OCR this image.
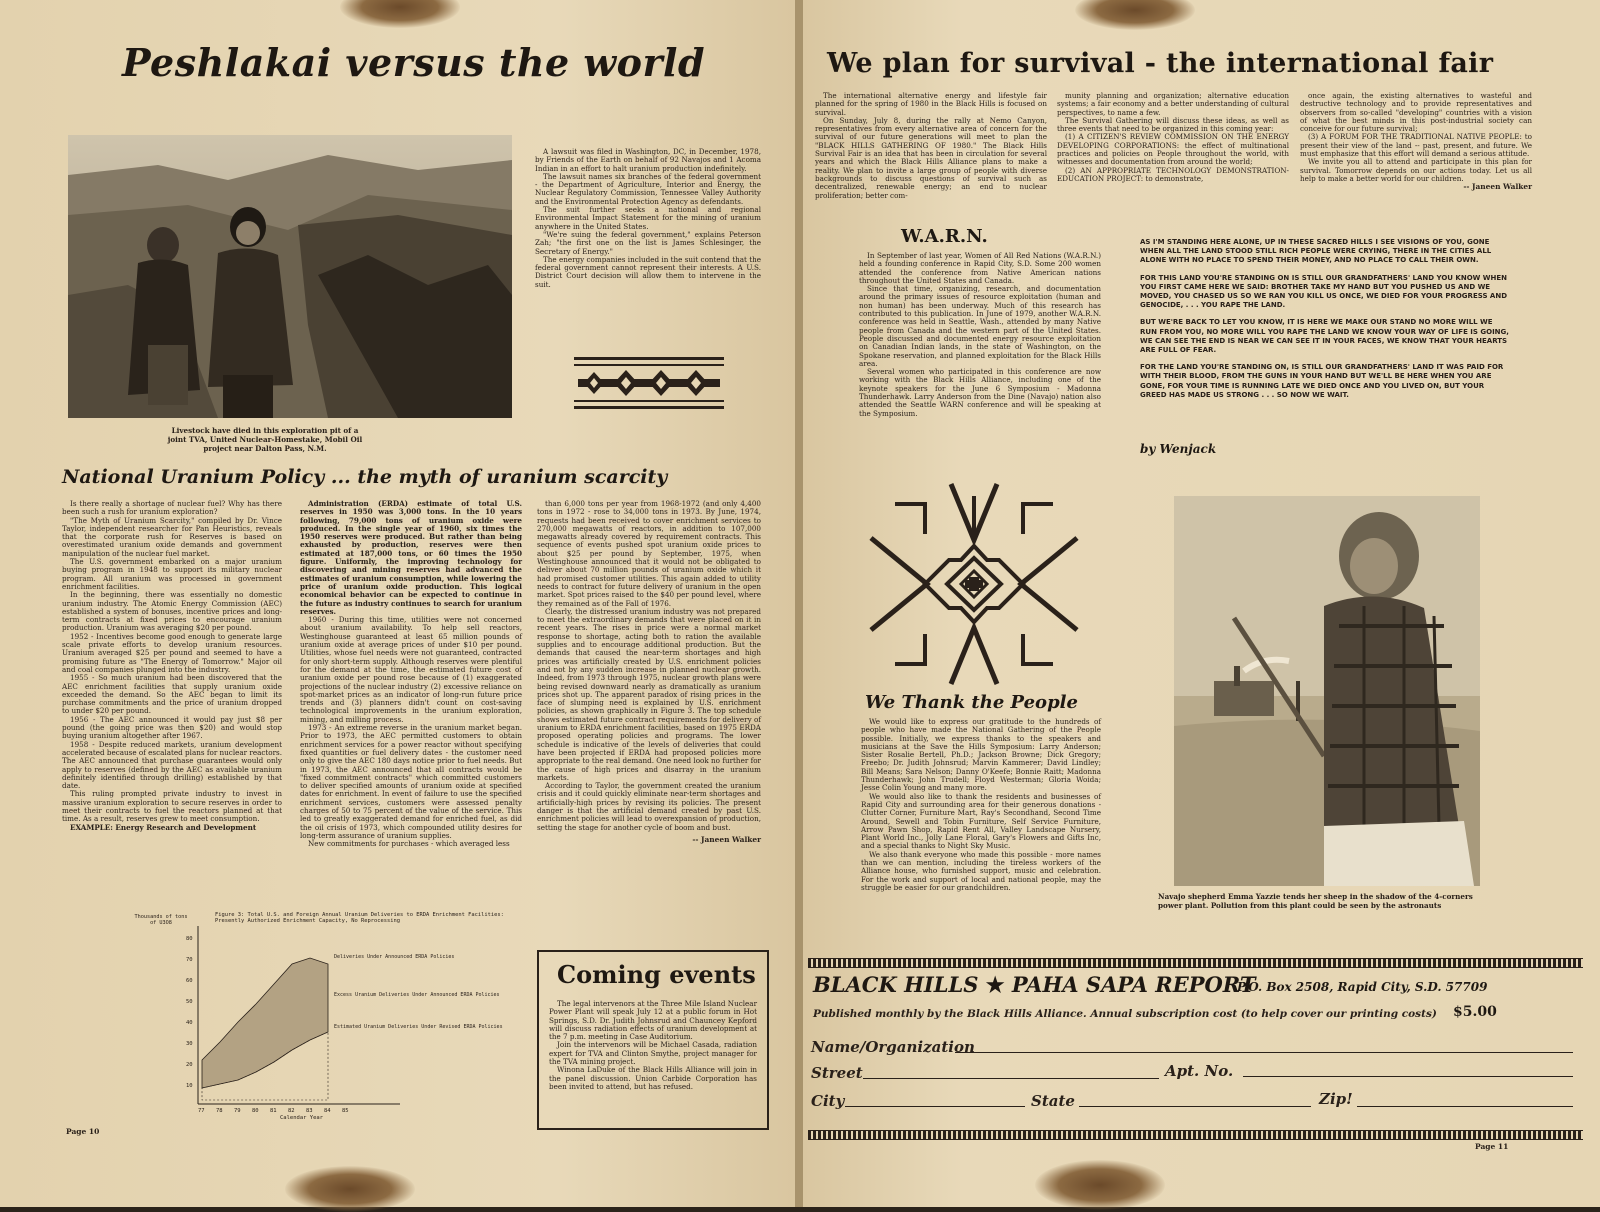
Peshlakai versus the world
Livestock have died in this exploration pit of a joint TVA, United Nuclear-Homestake, Mobil Oil project near Dalton Pass, N.M.

A lawsuit was filed in Washington, DC, in December, 1978, by Friends of the Earth on behalf of 92 Navajos and 1 Acoma Indian in an effort to halt uranium production indefinitely.

The lawsuit names six branches of the federal government - the Department of Agriculture, Interior and Energy, the Nuclear Regulatory Commission, Tennessee Valley Authority and the Environmental Protection Agency as defendants.

The suit further seeks a national and regional Environmental Impact Statement for the mining of uranium anywhere in the United States.

"We're suing the federal government," explains Peterson Zah; "the first one on the list is James Schlesinger, the Secretary of Energy."

The energy companies included in the suit contend that the federal government cannot represent their interests. A U.S. District Court decision will allow them to intervene in the suit.

National Uranium Policy ... the myth of uranium scarcity

Is there really a shortage of nuclear fuel? Why has there been such a rush for uranium exploration?

"The Myth of Uranium Scarcity," compiled by Dr. Vince Taylor, independent researcher for Pan Heuristics, reveals that the corporate rush for Reserves is based on overestimated uranium oxide demands and government manipulation of the nuclear fuel market.

The U.S. government embarked on a major uranium buying program in 1948 to support its military nuclear program. All uranium was processed in government enrichment facilities.

In the beginning, there was essentially no domestic uranium industry. The Atomic Energy Commission (AEC) established a system of bonuses, incentive prices and long-term contracts at fixed prices to encourage uranium production. Uranium was averaging $20 per pound.

1952 - Incentives become good enough to generate large scale private efforts to develop uranium resources. Uranium averaged $25 per pound and seemed to have a promising future as "The Energy of Tomorrow." Major oil and coal companies plunged into the industry.

1955 - So much uranium had been discovered that the AEC enrichment facilities that supply uranium oxide exceeded the demand. So the AEC began to limit its purchase commitments and the price of uranium dropped to under $20 per pound.

1956 - The AEC announced it would pay just $8 per pound (the going price was then $20) and would stop buying uranium altogether after 1967.

1958 - Despite reduced markets, uranium development accelerated because of escalated plans for nuclear reactors. The AEC announced that purchase guarantees would only apply to reserves (defined by the AEC as available uranium definitely identified through drilling) established by that date.

This ruling prompted private industry to invest in massive uranium exploration to secure reserves in order to meet their contracts to fuel the reactors planned at that time. As a result, reserves grew to meet consumption.

EXAMPLE: Energy Research and Development

Administration (ERDA) estimate of total U.S. reserves in 1950 was 3,000 tons. In the 10 years following, 79,000 tons of uranium oxide were produced. In the single year of 1960, six times the 1950 reserves were produced. But rather than being exhausted by production, reserves were then estimated at 187,000 tons, or 60 times the 1950 figure. Uniformly, the improving technology for discovering and mining reserves had advanced the estimates of uranium consumption, while lowering the price of uranium oxide production. This logical economical behavior can be expected to continue in the future as industry continues to search for uranium reserves.

1960 - During this time, utilities were not concerned about uranium availability. To help sell reactors, Westinghouse guaranteed at least 65 million pounds of uranium oxide at average prices of under $10 per pound. Utilities, whose fuel needs were not guaranteed, contracted for only short-term supply. Although reserves were plentiful for the demand at the time, the estimated future cost of uranium oxide per pound rose because of (1) exaggerated projections of the nuclear industry (2) excessive reliance on spot-market prices as an indicator of long-run future price trends and (3) planners didn't count on cost-saving technological improvements in the uranium exploration, mining, and milling process.

1973 - An extreme reverse in the uranium market began. Prior to 1973, the AEC permitted customers to obtain enrichment services for a power reactor without specifying fixed quantities or fuel delivery dates - the customer need only to give the AEC 180 days notice prior to fuel needs. But in 1973, the AEC announced that all contracts would be "fixed commitment contracts" which committed customers to deliver specified amounts of uranium oxide at specified dates for enrichment. In event of failure to use the specified enrichment services, customers were assessed penalty charges of 50 to 75 percent of the value of the service. This led to greatly exaggerated demand for enriched fuel, as did the oil crisis of 1973, which compounded utility desires for long-term assurance of uranium supplies.

New commitments for purchases - which averaged less

than 6,000 tons per year from 1968-1972 (and only 4,400 tons in 1972 - rose to 34,000 tons in 1973. By June, 1974, requests had been received to cover enrichment services to 270,000 megawatts of reactors, in addition to 107,000 megawatts already covered by requirement contracts. This sequence of events pushed spot uranium oxide prices to about $25 per pound by September, 1975, when Westinghouse announced that it would not be obligated to deliver about 70 million pounds of uranium oxide which it had promised customer utilities. This again added to utility needs to contract for future delivery of uranium in the open market. Spot prices raised to the $40 per pound level, where they remained as of the Fall of 1976.

Clearly, the distressed uranium industry was not prepared to meet the extraordinary demands that were placed on it in recent years. The rises in price were a normal market response to shortage, acting both to ration the available supplies and to encourage additional production. But the demands that caused the near-term shortages and high prices was artificially created by U.S. enrichment policies and not by any sudden increase in planned nuclear growth. Indeed, from 1973 through 1975, nuclear growth plans were being revised downward nearly as dramatically as uranium prices shot up. The apparent paradox of rising prices in the face of slumping need is explained by U.S. enrichment policies, as shown graphically in Figure 3. The top schedule shows estimated future contract requirements for delivery of uranium to ERDA enrichment facilities, based on 1975 ERDA proposed operating policies and programs. The lower schedule is indicative of the levels of deliveries that could have been projected if ERDA had proposed policies more appropriate to the real demand. One need look no further for the cause of high prices and disarray in the uranium markets.

According to Taylor, the government created the uranium crisis and it could quickly eliminate near-term shortages and artificially-high prices by revising its policies. The present danger is that the artificial demand created by past U.S. enrichment policies will lead to overexpansion of production, setting the stage for another cycle of boom and bust.

-- Janeen Walker
Figure 3: Total U.S. and Foreign Annual Uranium Deliveries to ERDA Enrichment Facilities: Presently Authorized Enrichment Capacity, No Reprocessing
Thousands of tons of U3O8
80
70
60
50
40
30
20
10
77 78 79 80 81 82 83 84 85
Calendar Year
Deliveries Under Announced ERDA Policies
Excess Uranium Deliveries Under Announced ERDA Policies
Estimated Uranium Deliveries Under Revised ERDA Policies
Coming events

The legal intervenors at the Three Mile Island Nuclear Power Plant will speak July 12 at a public forum in Hot Springs, S.D. Dr. Judith Johnsrud and Chauncey Kepford will discuss radiation effects of uranium development at the 7 p.m. meeting in Case Auditorium.

Join the intervenors will be Michael Casada, radiation expert for TVA and Clinton Smythe, project manager for the TVA mining project.

Winona LaDuke of the Black Hills Alliance will join in the panel discussion. Union Carbide Corporation has been invited to attend, but has refused.

Page 10
We plan for survival - the international fair

The international alternative energy and lifestyle fair planned for the spring of 1980 in the Black Hills is focused on survival.

On Sunday, July 8, during the rally at Nemo Canyon, representatives from every alternative area of concern for the survival of our future generations will meet to plan the "BLACK HILLS GATHERING OF 1980." The Black Hills Survival Fair is an idea that has been in circulation for several years and which the Black Hills Alliance plans to make a reality. We plan to invite a large group of people with diverse backgrounds to discuss questions of survival such as decentralized, renewable energy; an end to nuclear proliferation; better com-

munity planning and organization; alternative education systems; a fair economy and a better understanding of cultural perspectives, to name a few.

The Survival Gathering will discuss these ideas, as well as three events that need to be organized in this coming year:

(1) A CITIZEN'S REVIEW COMMISSION ON THE ENERGY DEVELOPING CORPORATIONS: the effect of multinational practices and policies on People throughout the world, with witnesses and documentation from around the world;

(2) AN APPROPRIATE TECHNOLOGY DEMONSTRATION-EDUCATION PROJECT: to demonstrate,

once again, the existing alternatives to wasteful and destructive technology and to provide representatives and observers from so-called "developing" countries with a vision of what the best minds in this post-industrial society can conceive for our future survival;

(3) A FORUM FOR THE TRADITIONAL NATIVE PEOPLE: to present their view of the land -- past, present, and future. We must emphasize that this effort will demand a serious attitude.

We invite you all to attend and participate in this plan for survival. Tomorrow depends on our actions today. Let us all help to make a better world for our children.

-- Janeen Walker
W.A.R.N.

In September of last year, Women of All Red Nations (W.A.R.N.) held a founding conference in Rapid City, S.D. Some 200 women attended the conference from Native American nations throughout the United States and Canada.

Since that time, organizing, research, and documentation around the primary issues of resource exploitation (human and non human) has been underway. Much of this research has contributed to this publication. In June of 1979, another W.A.R.N. conference was held in Seattle, Wash., attended by many Native people from Canada and the western part of the United States. People discussed and documented energy resource exploitation on Canadian Indian lands, in the state of Washington, on the Spokane reservation, and planned exploitation for the Black Hills area.

Several women who participated in this conference are now working with the Black Hills Alliance, including one of the keynote speakers for the June 6 Symposium - Madonna Thunderhawk. Larry Anderson from the Dine (Navajo) nation also attended the Seattle WARN conference and will be speaking at the Symposium.

AS I'M STANDING HERE ALONE, UP IN THESE SACRED HILLS I SEE VISIONS OF YOU, GONE WHEN ALL THE LAND STOOD STILL RICH PEOPLE WERE CRYING, THERE IN THE CITIES ALL ALONE WITH NO PLACE TO SPEND THEIR MONEY, AND NO PLACE TO CALL THEIR OWN.

FOR THIS LAND YOU'RE STANDING ON IS STILL OUR GRANDFATHERS' LAND YOU KNOW WHEN YOU FIRST CAME HERE WE SAID: BROTHER TAKE MY HAND BUT YOU PUSHED US AND WE MOVED, YOU CHASED US SO WE RAN YOU KILL US ONCE, WE DIED FOR YOUR PROGRESS AND GENOCIDE, . . . YOU RAPE THE LAND.

BUT WE'RE BACK TO LET YOU KNOW, IT IS HERE WE MAKE OUR STAND NO MORE WILL WE RUN FROM YOU, NO MORE WILL YOU RAPE THE LAND WE KNOW YOUR WAY OF LIFE IS GOING, WE CAN SEE THE END IS NEAR WE CAN SEE IT IN YOUR FACES, WE KNOW THAT YOUR HEARTS ARE FULL OF FEAR.

FOR THE LAND YOU'RE STANDING ON, IS STILL OUR GRANDFATHERS' LAND IT WAS PAID FOR WITH THEIR BLOOD, FROM THE GUNS IN YOUR HAND BUT WE'LL BE HERE WHEN YOU ARE GONE, FOR YOUR TIME IS RUNNING LATE WE DIED ONCE AND YOU LIVED ON, BUT YOUR GREED HAS MADE US STRONG . . . SO NOW WE WAIT.

by Wenjack
We Thank the People

We would like to express our gratitude to the hundreds of people who have made the National Gathering of the People possible. Initially, we express thanks to the speakers and musicians at the Save the Hills Symposium: Larry Anderson; Sister Rosalie Bertell, Ph.D.; Jackson Browne; Dick Gregory; Freebo; Dr. Judith Johnsrud; Marvin Kammerer; David Lindley; Bill Means; Sara Nelson; Danny O'Keefe; Bonnie Raitt; Madonna Thunderhawk; John Trudell; Floyd Westerman; Gloria Woida; Jesse Colin Young and many more.

We would also like to thank the residents and businesses of Rapid City and surrounding area for their generous donations - Clutter Corner, Furniture Mart, Ray's Secondhand, Second Time Around, Sewell and Tobin Furniture, Self Service Furniture, Arrow Pawn Shop, Rapid Rent All, Valley Landscape Nursery, Plant World Inc., Jolly Lane Floral, Gary's Flowers and Gifts Inc, and a special thanks to Night Sky Music.

We also thank everyone who made this possible - more names than we can mention, including the tireless workers of the Alliance house, who furnished support, music and celebration. For the work and support of local and national people, may the struggle be easier for our grandchildren.

Navajo shepherd Emma Yazzie tends her sheep in the shadow of the 4-corners power plant. Pollution from this plant could be seen by the astronauts
BLACK HILLS ★ PAHA SAPA REPORT
P.O. Box 2508, Rapid City, S.D. 57709
Published monthly by the Black Hills Alliance. Annual subscription cost (to help cover our printing costs) $5.00
Name/Organization
Street	Apt. No.
City	State	Zip!
Page 11
